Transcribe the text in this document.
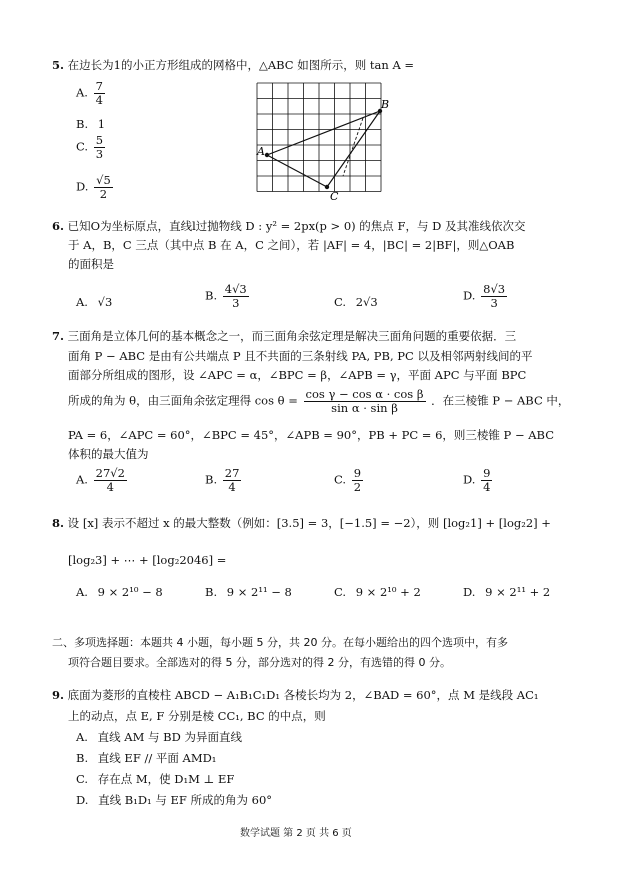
5. 在边长为1的小正方形组成的网格中，△ABC 如图所示，则 tan A =
A. $\frac{7}{4}$
B. 1
C. $\frac{5}{3}$
D. $\frac{√5}{2}$
A
B
C
6. 已知O为坐标原点，直线l过抛物线 D : y² = 2px(p > 0) 的焦点 F，与 D 及其准线依次交
于 A，B，C 三点（其中点 B 在 A，C 之间），若 |AF| = 4，|BC| = 2|BF|，则△OAB
的面积是
A. √3	B. $\frac{4√3}{3}$	C. 2√3	D. $\frac{8√3}{3}$
7. 三面角是立体几何的基本概念之一，而三面角余弦定理是解决三面角问题的重要依据．三
面角 P − ABC 是由有公共端点 P 且不共面的三条射线 PA, PB, PC 以及相邻两射线间的平
面部分所组成的图形，设 ∠APC = α，∠BPC = β，∠APB = γ，平面 APC 与平面 BPC
所成的角为 θ，由三面角余弦定理得 $\cos \theta = \frac{\text{cos γ − cos α · cos β}}{\text{sin α · sin β}}$ ．在三棱锥 P − ABC 中，
PA = 6，∠APC = 60°，∠BPC = 45°，∠APB = 90°，PB + PC = 6，则三棱锥 P − ABC
体积的最大值为
A. $\frac{27√2}{4}$	B. $\frac{27}{4}$	C. $\frac{9}{2}$	D. $\frac{9}{4}$
8. 设 [x] 表示不超过 x 的最大整数（例如：[3.5] = 3，[−1.5] = −2），则 [log₂1] + [log₂2] +
[log₂3] + ⋯ + [log₂2046] =
A. 9 × 2¹⁰ − 8	B. 9 × 2¹¹ − 8	C. 9 × 2¹⁰ + 2	D. 9 × 2¹¹ + 2
二、多项选择题：本题共 4 小题，每小题 5 分，共 20 分。在每小题给出的四个选项中，有多
项符合题目要求。全部选对的得 5 分，部分选对的得 2 分，有选错的得 0 分。
9. 底面为菱形的直棱柱 ABCD − A₁B₁C₁D₁ 各棱长均为 2，∠BAD = 60°，点 M 是线段 AC₁
上的动点，点 E, F 分别是棱 CC₁, BC 的中点，则
A. 直线 AM 与 BD 为异面直线
B. 直线 EF // 平面 AMD₁
C. 存在点 M，使 D₁M ⊥ EF
D. 直线 B₁D₁ 与 EF 所成的角为 60°
数学试题 第 2 页 共 6 页
